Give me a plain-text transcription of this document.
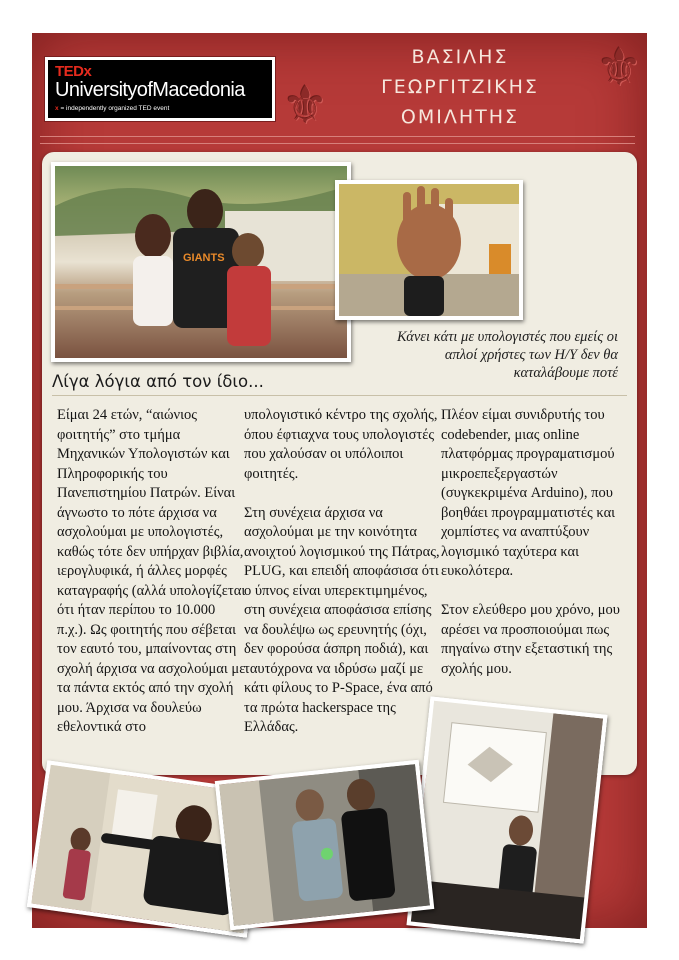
⚜
⚜
TEDx
UniversityofMacedonia
x = independently organized TED event
ΒΑΣΙΛΗΣ
ΓΕΩΡΓΙΤΖΙΚΗΣ
ΟΜΙΛΗΤΗΣ
GIANTS
Κάνει κάτι με υπολογιστές που εμείς οι απλοί χρήστες των Η/Υ δεν θα καταλάβουμε ποτέ
Λίγα λόγια από τον ίδιο...
Είμαι 24 ετών, “αιώνιος φοιτητής” στο τμήμα Μηχανικών Υπολογιστών και Πληροφορικής του Πανεπιστημίου Πατρών. Είναι άγνωστο το πότε άρχισα να ασχολούμαι με υπολογιστές, καθώς τότε δεν υπήρχαν βιβλία, ιερογλυφικά, ή άλλες μορφές καταγραφής (αλλά υπολογίζεται ότι ήταν περίπου το 10.000 π.χ.). Ως φοιτητής που σέβεται τον εαυτό του, μπαίνοντας στη σχολή άρχισα να ασχολούμαι με τα πάντα εκτός από την σχολή μου. Άρχισα να δουλεύω εθελοντικά στο
υπολογιστικό κέντρο της σχολής, όπου έφτιαχνα τους υπολογιστές που χαλούσαν οι υπόλοιποι φοιτητές.

Στη συνέχεια άρχισα να ασχολούμαι με την κοινότητα ανοιχτού λογισμικού της Πάτρας, PLUG, και επειδή αποφάσισα ότι ο ύπνος είναι υπερεκτιμημένος, στη συνέχεια αποφάσισα επίσης να δουλέψω ως ερευνητής (όχι, δεν φορούσα άσπρη ποδιά), και ταυτόχρονα να ιδρύσω μαζί με κάτι φίλους το P-Space, ένα από τα πρώτα hackerspace της Ελλάδας.
Πλέον είμαι συνιδρυτής του codebender, μιας online πλατφόρμας προγραματισμού μικροεπεξεργαστών (συγκεκριμένα Arduino), που βοηθάει προγραμματιστές και χομπίστες να αναπτύξουν λογισμικό ταχύτερα και ευκολότερα.

Στον ελεύθερο μου χρόνο, μου αρέσει να προσποιούμαι πως πηγαίνω στην εξεταστική της σχολής μου.
